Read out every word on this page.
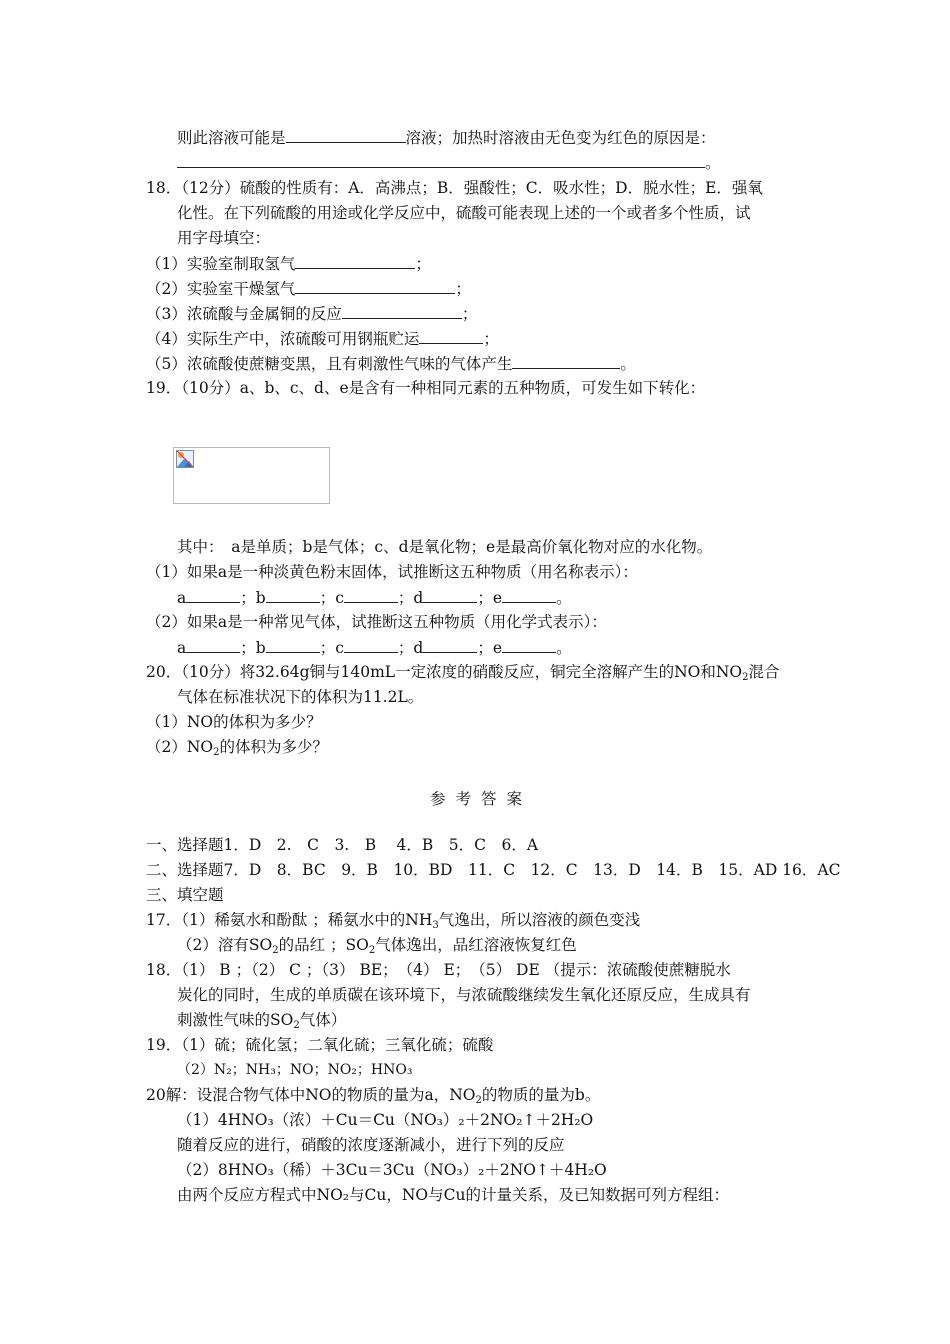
则此溶液可能是	溶液；加热时溶液由无色变为红色的原因是：
。
18．（12分）硫酸的性质有：A．高沸点；B．强酸性；C．吸水性；D．脱水性；E．强氧
化性。在下列硫酸的用途或化学反应中，硫酸可能表现上述的一个或者多个性质，试
用字母填空：
（1）实验室制取氢气	；
（2）实验室干燥氢气	；
（3）浓硫酸与金属铜的反应	；
（4）实际生产中，浓硫酸可用钢瓶贮运	；
（5）浓硫酸使蔗糖变黑，且有刺激性气味的气体产生	。
19．（10分）a、b、c、d、e是含有一种相同元素的五种物质，可发生如下转化：
其中：　a是单质；b是气体；c、d是氧化物；e是最高价氧化物对应的水化物。
（1）如果a是一种淡黄色粉末固体，试推断这五种物质（用名称表示）：
a	；b	；c	；d	；e	。
（2）如果a是一种常见气体，试推断这五种物质（用化学式表示）：
a	；b	；c	；d	；e	。
20．（10分）将32.64g铜与140mL一定浓度的硝酸反应，铜完全溶解产生的NO和$NO_2$混合
气体在标准状况下的体积为11.2L。
（1）NO的体积为多少？
$(2)NO_2$的体积为多少？
参考答案
一、选择题1．D　2.　C　3.　B　 4．B　5．C　6．A
二、选择题7．D　8．BC　9．B　10．BD　11．C　12．C　13．D　14．B　15．AD 16．AC
三、填空题
17．（1）稀氨水和酚酞 ；稀氨水中的$NH_3$气逸出，所以溶液的颜色变浅
（2）溶有$SO_2$的品红 ；$SO_2$气体逸出，品红溶液恢复红色
18．（1） B ；（2） C ；（3） BE；　（4） E；　（5） DE （提示：浓硫酸使蔗糖脱水
炭化的同时，生成的单质碳在该环境下，与浓硫酸继续发生氧化还原反应，生成具有
刺激性气味的$SO_2$气体）
19．（1）硫；硫化氢；二氧化硫；三氧化硫；硫酸
（2）N₂；NH₃；NO；NO₂；HNO₃
20解：设混合物气体中NO的物质的量为a，$NO_2$的物质的量为b。
（1）4HNO₃（浓）＋Cu＝Cu（NO₃）₂＋2NO₂↑＋2H₂O
随着反应的进行，硝酸的浓度逐渐减小，进行下列的反应
（2）8HNO₃（稀）＋3Cu＝3Cu（NO₃）₂＋2NO↑＋4H₂O
由两个反应方程式中NO₂与Cu，NO与Cu的计量关系，及已知数据可列方程组：
